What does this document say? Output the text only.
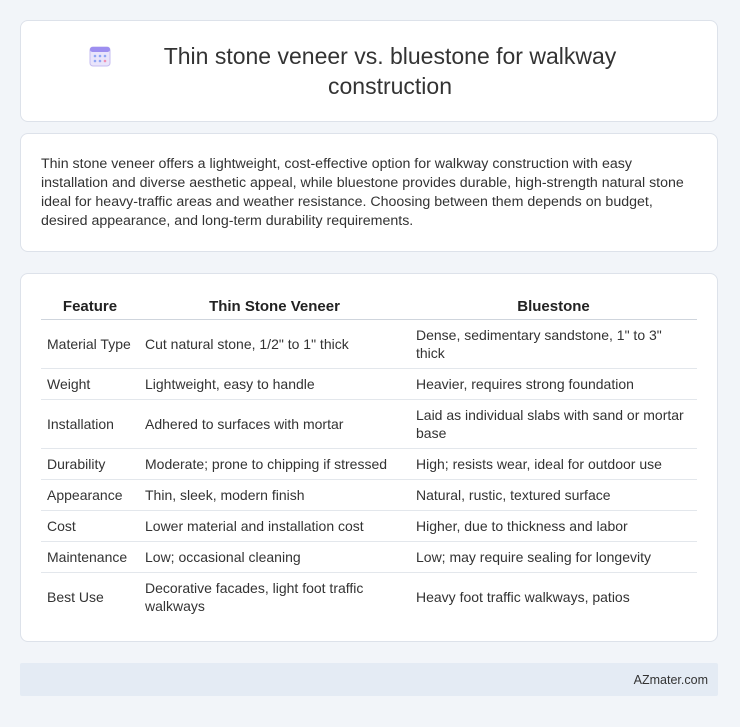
Thin stone veneer vs. bluestone for walkway construction

Thin stone veneer offers a lightweight, cost-effective option for walkway construction with easy installation and diverse aesthetic appeal, while bluestone provides durable, high-strength natural stone ideal for heavy-traffic areas and weather resistance. Choosing between them depends on budget, desired appearance, and long-term durability requirements.

Feature	Thin Stone Veneer	Bluestone
Material Type	Cut natural stone, 1/2" to 1" thick	Dense, sedimentary sandstone, 1" to 3" thick
Weight	Lightweight, easy to handle	Heavier, requires strong foundation
Installation	Adhered to surfaces with mortar	Laid as individual slabs with sand or mortar base
Durability	Moderate; prone to chipping if stressed	High; resists wear, ideal for outdoor use
Appearance	Thin, sleek, modern finish	Natural, rustic, textured surface
Cost	Lower material and installation cost	Higher, due to thickness and labor
Maintenance	Low; occasional cleaning	Low; may require sealing for longevity
Best Use	Decorative facades, light foot traffic walkways	Heavy foot traffic walkways, patios
AZmater.com
